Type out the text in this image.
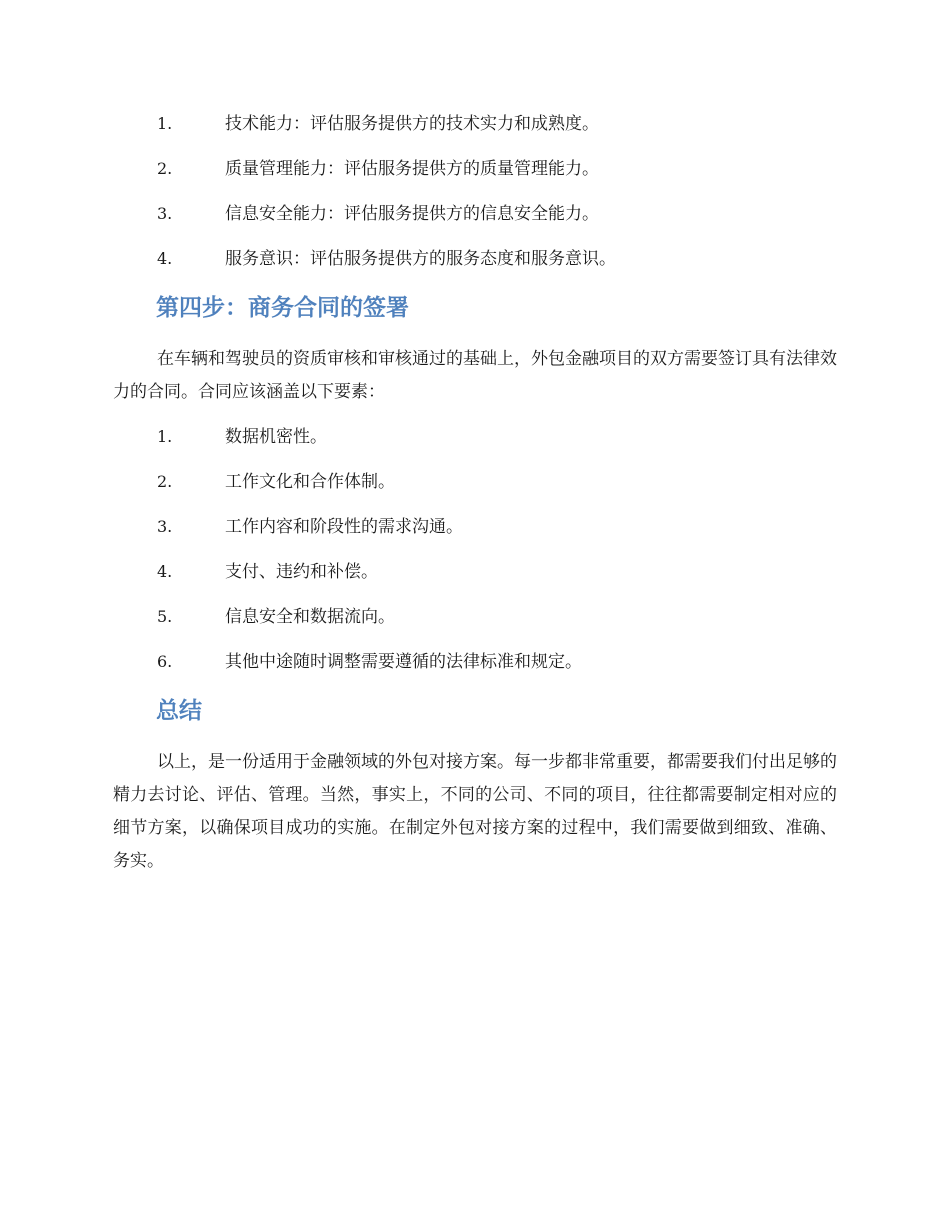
1.	技术能力：评估服务提供方的技术实力和成熟度。
2.	质量管理能力：评估服务提供方的质量管理能力。
3.	信息安全能力：评估服务提供方的信息安全能力。
4.	服务意识：评估服务提供方的服务态度和服务意识。
第四步：商务合同的签署

在车辆和驾驶员的资质审核和审核通过的基础上，外包金融项目的双方需要签订具有法律效力的合同。合同应该涵盖以下要素：

1.	数据机密性。
2.	工作文化和合作体制。
3.	工作内容和阶段性的需求沟通。
4.	支付、违约和补偿。
5.	信息安全和数据流向。
6.	其他中途随时调整需要遵循的法律标准和规定。
总结

以上，是一份适用于金融领域的外包对接方案。每一步都非常重要，都需要我们付出足够的精力去讨论、评估、管理。当然，事实上，不同的公司、不同的项目，往往都需要制定相对应的细节方案，以确保项目成功的实施。在制定外包对接方案的过程中，我们需要做到细致、准确、务实。
